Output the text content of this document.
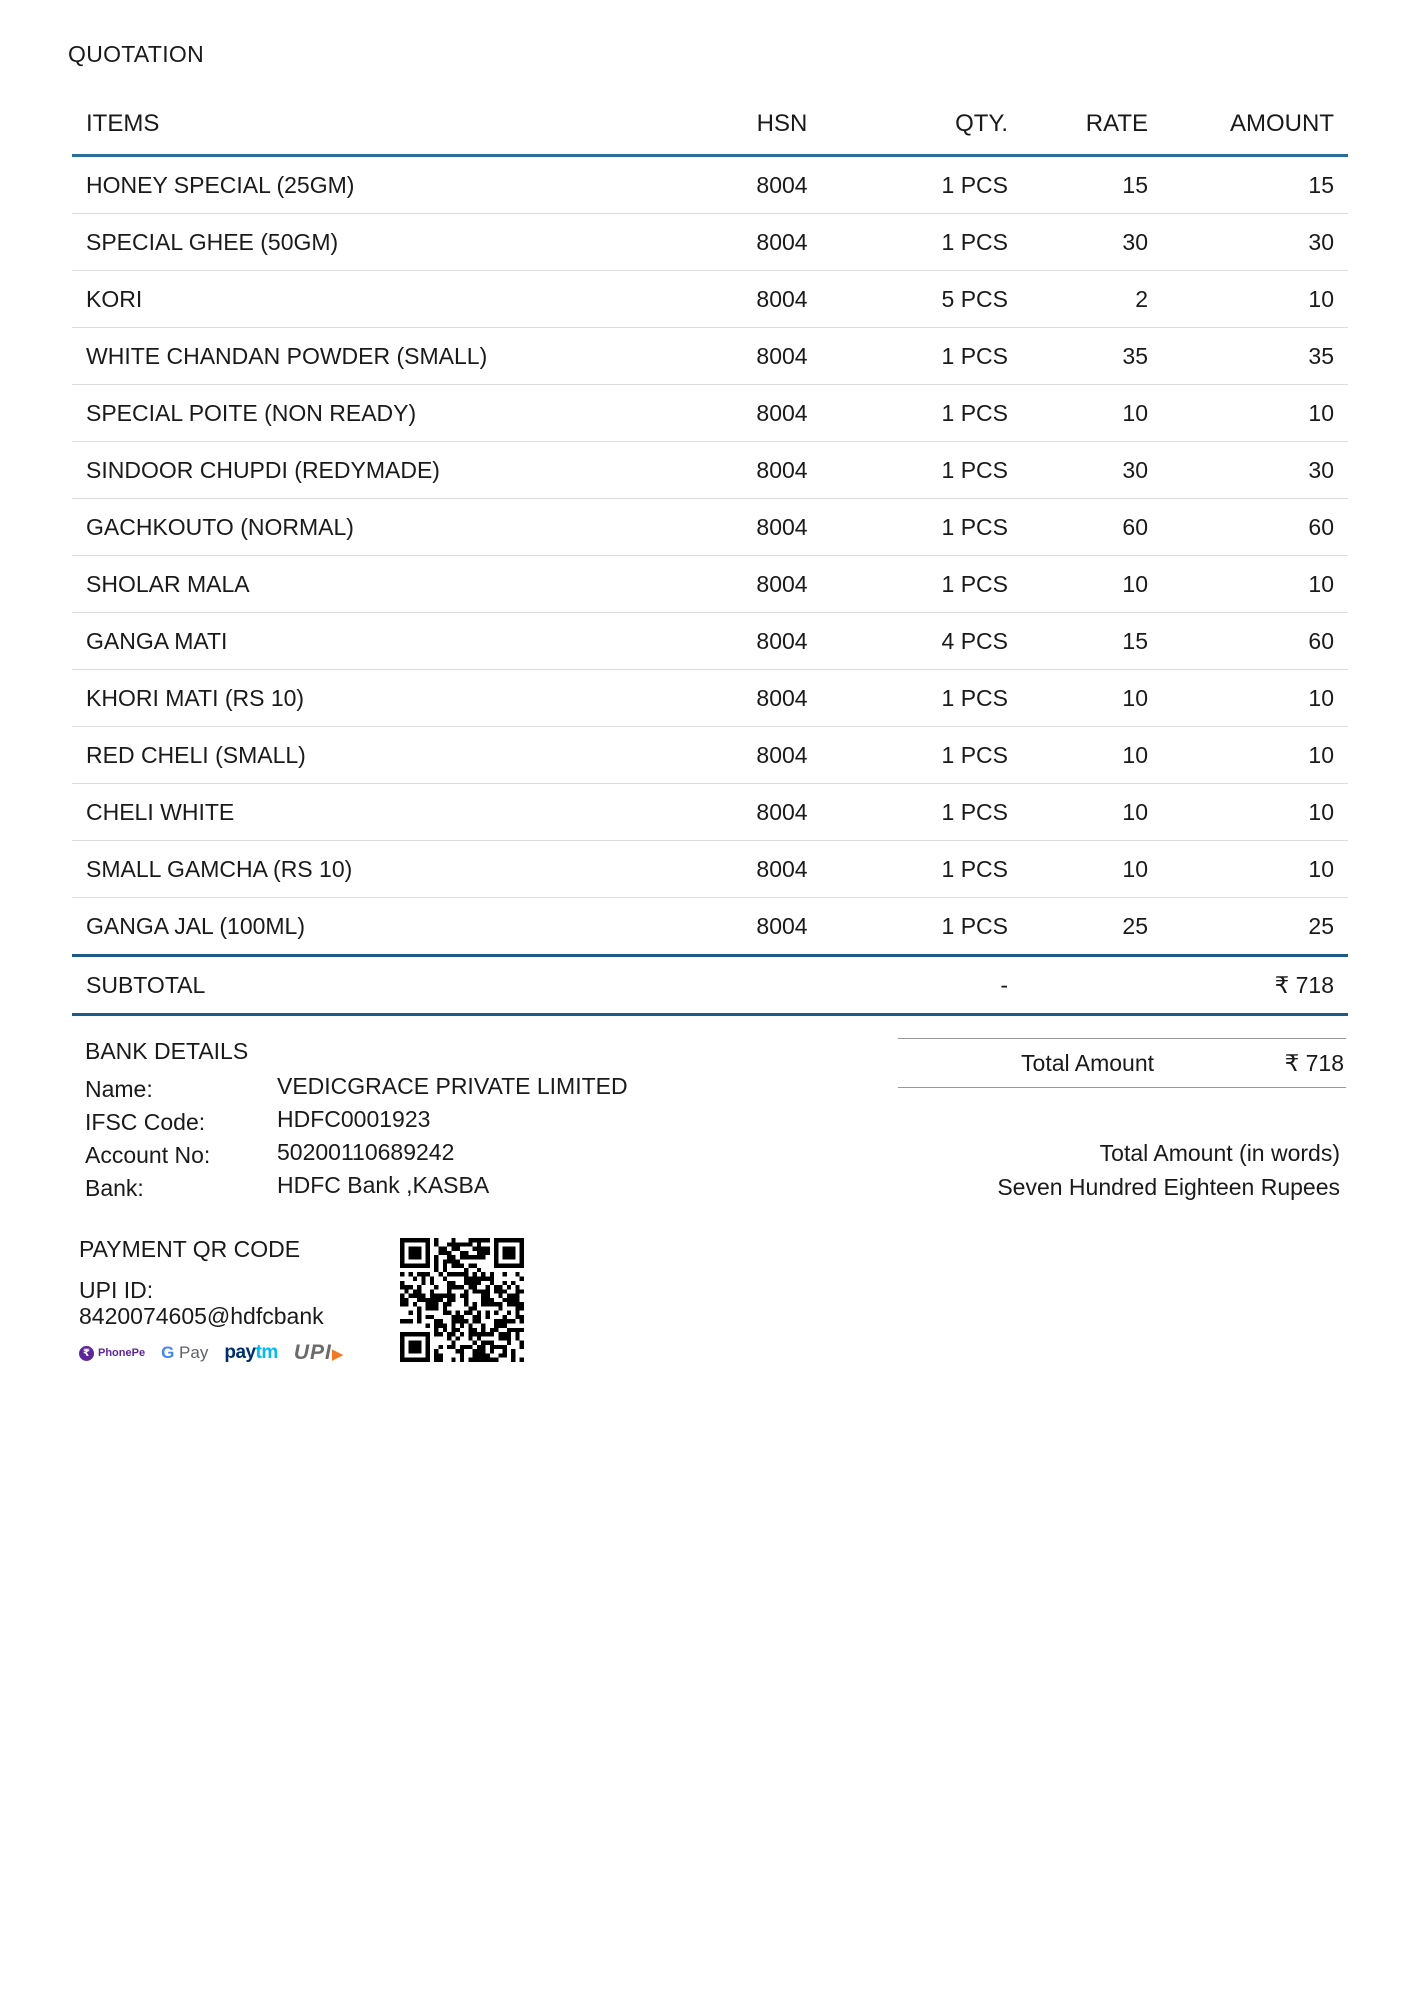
QUOTATION
ITEMS	HSN	QTY.	RATE	AMOUNT
HONEY SPECIAL (25GM)	8004	1 PCS	15	15
SPECIAL GHEE (50GM)	8004	1 PCS	30	30
KORI	8004	5 PCS	2	10
WHITE CHANDAN POWDER (SMALL)	8004	1 PCS	35	35
SPECIAL POITE (NON READY)	8004	1 PCS	10	10
SINDOOR CHUPDI (REDYMADE)	8004	1 PCS	30	30
GACHKOUTO (NORMAL)	8004	1 PCS	60	60
SHOLAR MALA	8004	1 PCS	10	10
GANGA MATI	8004	4 PCS	15	60
KHORI MATI (RS 10)	8004	1 PCS	10	10
RED CHELI (SMALL)	8004	1 PCS	10	10
CHELI WHITE	8004	1 PCS	10	10
SMALL GAMCHA (RS 10)	8004	1 PCS	10	10
GANGA JAL (100ML)	8004	1 PCS	25	25
SUBTOTAL		-		₹ 718
BANK DETAILS
Name:	VEDICGRACE PRIVATE LIMITED
IFSC Code:	HDFC0001923
Account No:	50200110689242
Bank:	HDFC Bank ,KASBA
Total Amount	₹ 718
Total Amount (in words)
Seven Hundred Eighteen Rupees
PAYMENT QR CODE
UPI ID:
8420074605@hdfcbank
₹ PhonePe G Pay paytm UPI▶
